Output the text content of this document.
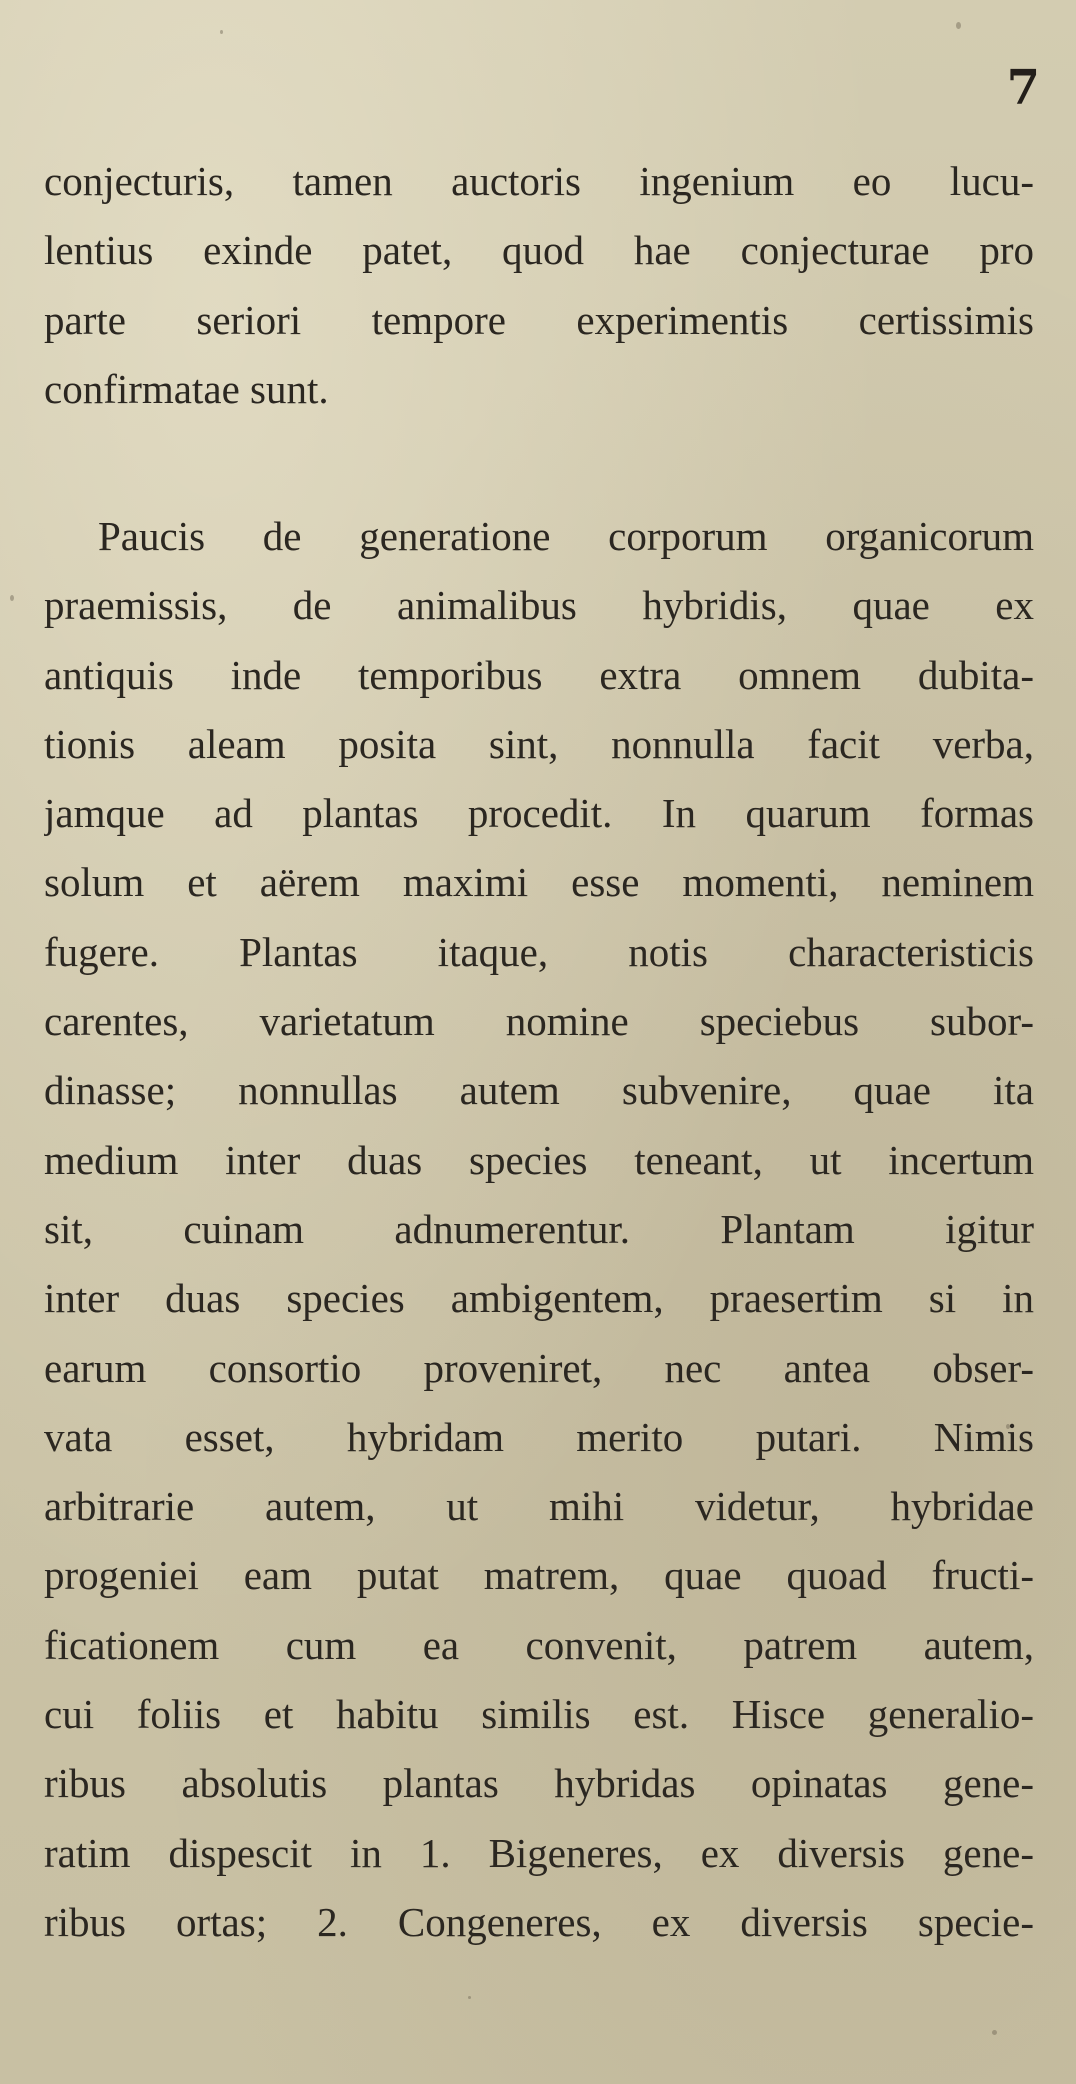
7
conjecturis, tamen auctoris ingenium eo lucu-
lentius exinde patet, quod hae conjecturae pro
parte seriori tempore experimentis certissimis
confirmatae sunt.
Paucis de generatione corporum organicorum
praemissis, de animalibus hybridis, quae ex
antiquis inde temporibus extra omnem dubita-
tionis aleam posita sint, nonnulla facit verba,
jamque ad plantas procedit. In quarum formas
solum et aërem maximi esse momenti, neminem
fugere. Plantas itaque, notis characteristicis
carentes, varietatum nomine speciebus subor-
dinasse; nonnullas autem subvenire, quae ita
medium inter duas species teneant, ut incertum
sit, cuinam adnumerentur. Plantam igitur
inter duas species ambigentem, praesertim si in
earum consortio proveniret, nec antea obser-
vata esset, hybridam merito putari. Nimis
arbitrarie autem, ut mihi videtur, hybridae
progeniei eam putat matrem, quae quoad fructi-
ficationem cum ea convenit, patrem autem,
cui foliis et habitu similis est. Hisce generalio-
ribus absolutis plantas hybridas opinatas gene-
ratim dispescit in 1. Bigeneres, ex diversis gene-
ribus ortas; 2. Congeneres, ex diversis specie-
